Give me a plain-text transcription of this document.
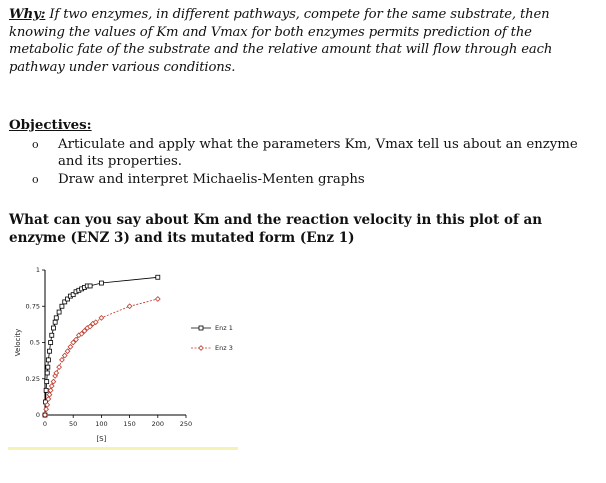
Why: If two enzymes, in different pathways, compete for the same substrate, then knowing the values of Km and Vmax for both enzymes permits prediction of the metabolic fate of the substrate and the relative amount that will flow through each pathway under various conditions.
Objectives:
o	Articulate and apply what the parameters Km, Vmax tell us about an enzyme and its properties.
o	Draw and interpret Michaelis-Menten graphs
What can you say about Km and the reaction velocity in this plot of an enzyme (ENZ 3) and its mutated form (Enz 1)
0	50	100 150 200 250
0
0.25
0.5
0.75
1
[S]
Velocity
Enz 1
Enz 3
